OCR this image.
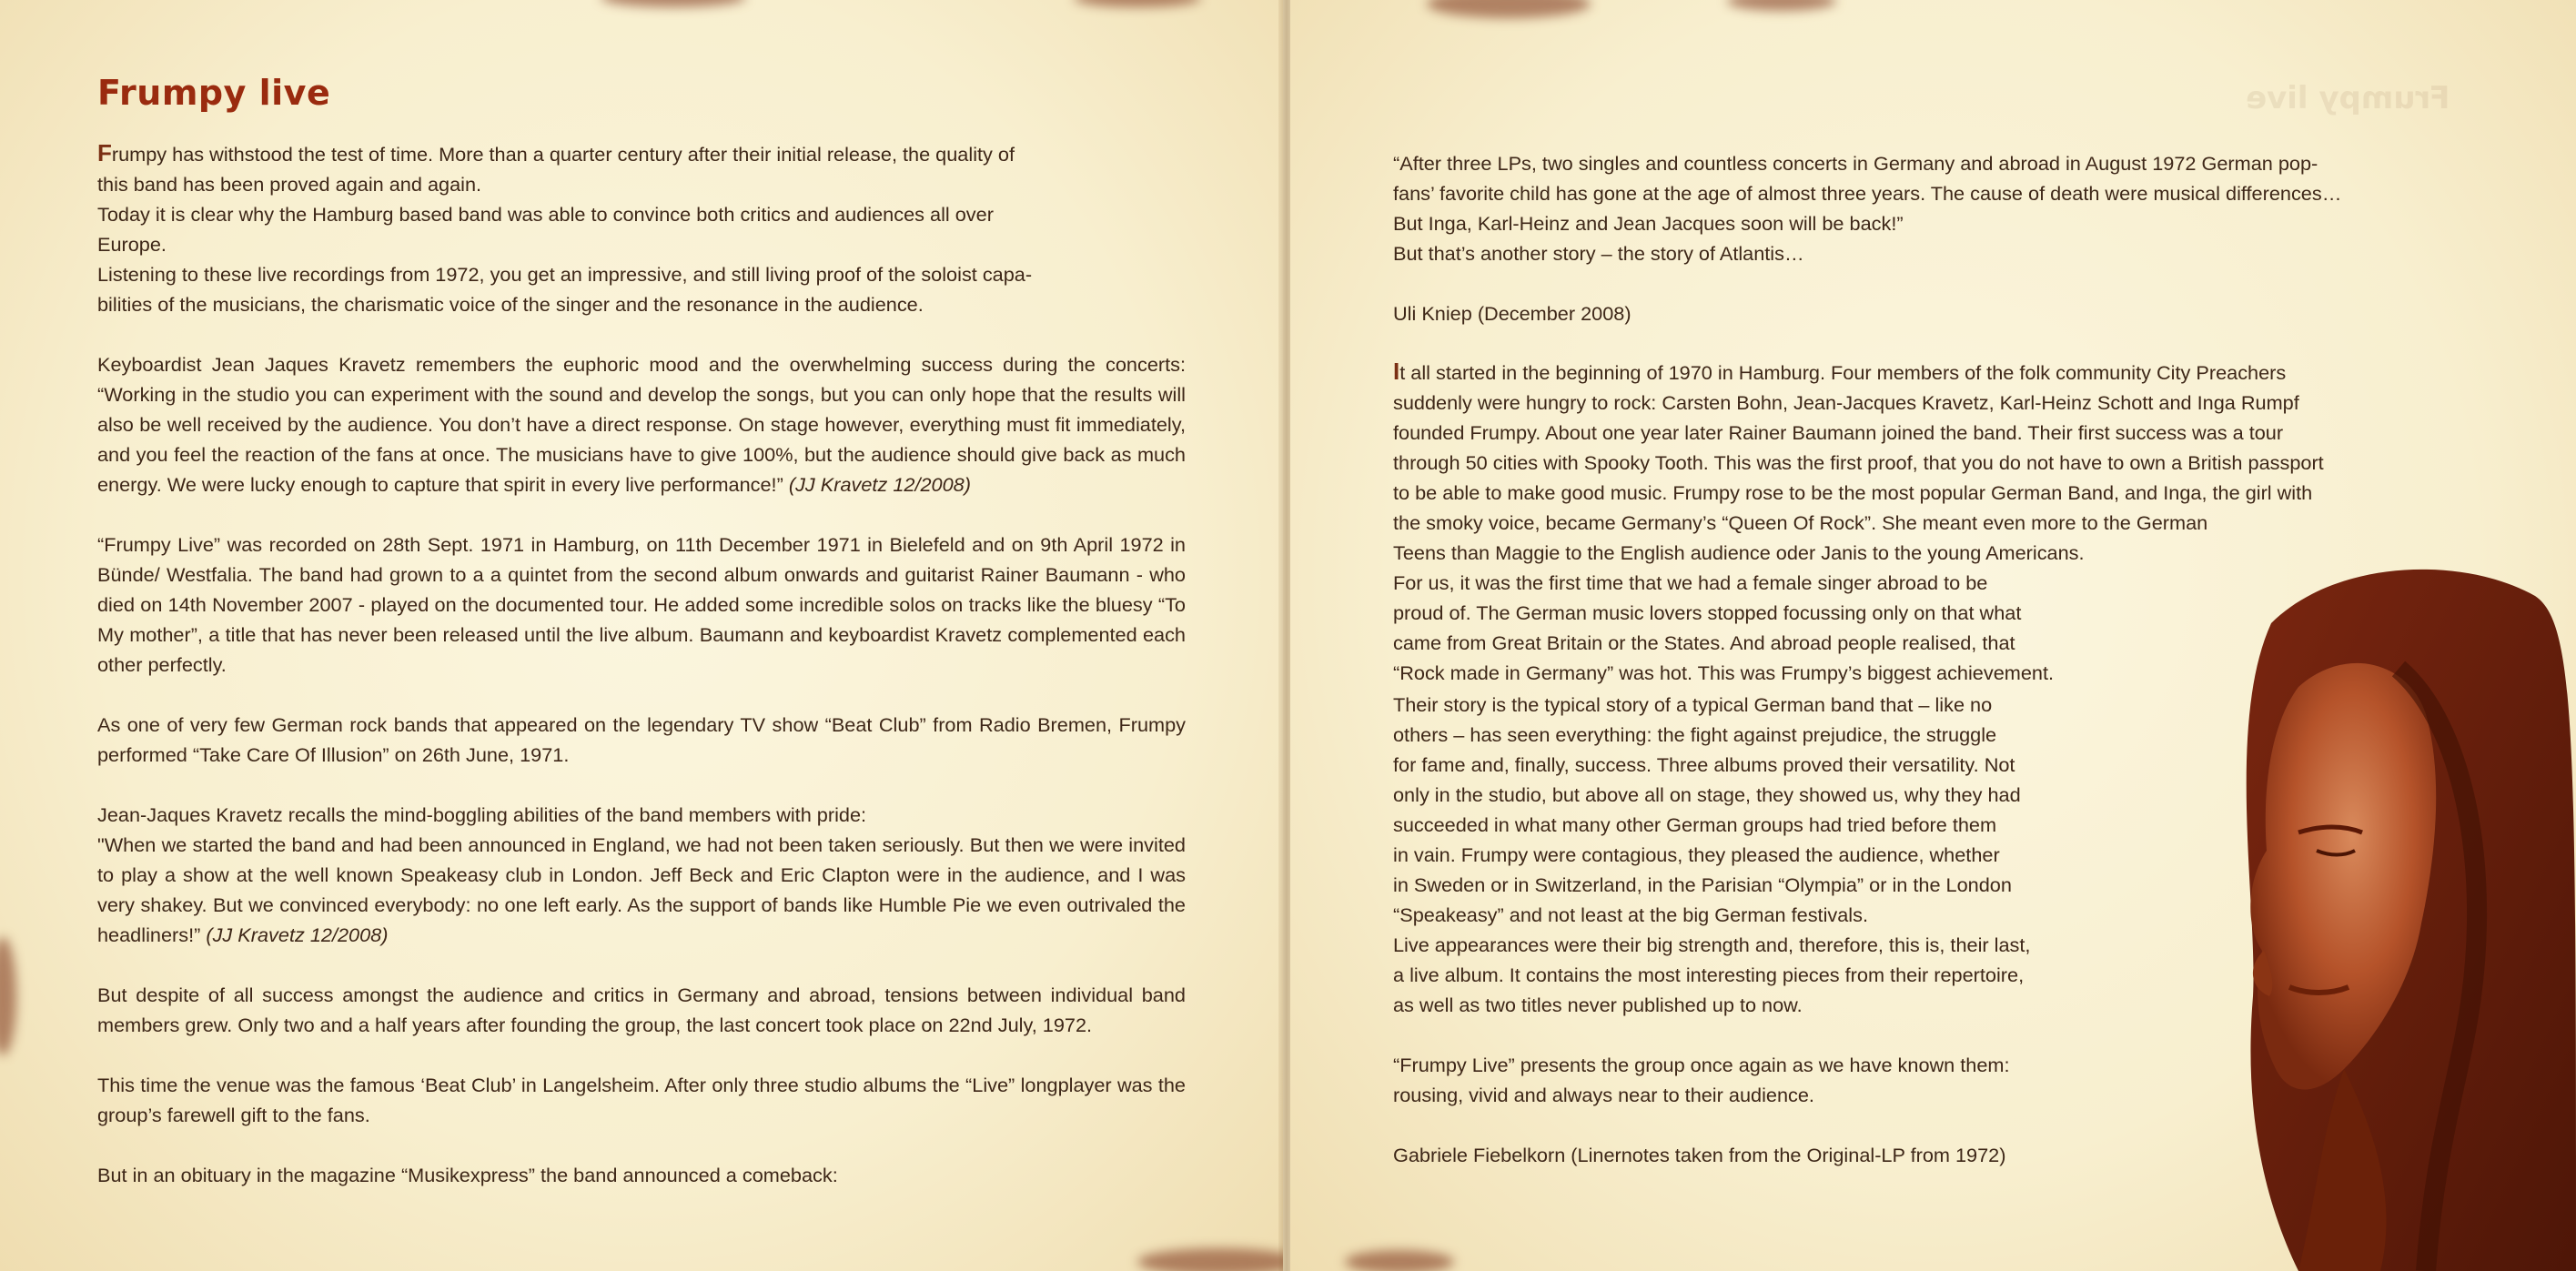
Frumpy live

Frumpy has withstood the test of time. More than a quarter century after their initial release, the quality of
this band has been proved again and again.
Today it is clear why the Hamburg based band was able to convince both critics and audiences all over
Europe.
Listening to these live recordings from 1972, you get an impressive, and still living proof of the soloist capa-
bilities of the musicians, the charismatic voice of the singer and the resonance in the audience.

Keyboardist Jean Jaques Kravetz remembers the euphoric mood and the overwhelming success during the concerts: “Working in the studio you can experiment with the sound and develop the songs, but you can only hope that the results will also be well received by the audience. You don’t have a direct response. On stage however, everything must fit immediately, and you feel the reaction of the fans at once. The musicians have to give 100%, but the audience should give back as much energy. We were lucky enough to capture that spirit in every live performance!” (JJ Kravetz 12/2008)

“Frumpy Live” was recorded on 28th Sept. 1971 in Hamburg, on 11th December 1971 in Bielefeld and on 9th April 1972 in Bünde/ Westfalia. The band had grown to a a quintet from the second album onwards and guitarist Rainer Baumann - who died on 14th November 2007 - played on the documented tour. He added some incredible solos on tracks like the bluesy “To My mother”, a title that has never been released until the live album. Baumann and keyboardist Kravetz complemented each other perfectly.

As one of very few German rock bands that appeared on the legendary TV show “Beat Club” from Radio Bremen, Frumpy performed “Take Care Of Illusion” on 26th June, 1971.

Jean-Jaques Kravetz recalls the mind-boggling abilities of the band members with pride:
"When we started the band and had been announced in England, we had not been taken seriously. But then we were invited to play a show at the well known Speakeasy club in London. Jeff Beck and Eric Clapton were in the audience, and I was very shakey. But we convinced everybody: no one left early. As the support of bands like Humble Pie we even outrivaled the headliners!” (JJ Kravetz 12/2008)

But despite of all success amongst the audience and critics in Germany and abroad, tensions between individual band members grew. Only two and a half years after founding the group, the last concert took place on 22nd July, 1972.

This time the venue was the famous ‘Beat Club’ in Langelsheim. After only three studio albums the “Live” longplayer was the group’s farewell gift to the fans.

But in an obituary in the magazine “Musikexpress” the band announced a comeback:

Frumpy live
“After three LPs, two singles and countless concerts in Germany and abroad in August 1972 German pop-
fans’ favorite child has gone at the age of almost three years. The cause of death were musical differences…
But Inga, Karl-Heinz and Jean Jacques soon will be back!”
But that’s another story – the story of Atlantis…
Uli Kniep (December 2008)
It all started in the beginning of 1970 in Hamburg. Four members of the folk community City Preachers
suddenly were hungry to rock: Carsten Bohn, Jean-Jacques Kravetz, Karl-Heinz Schott and Inga Rumpf
founded Frumpy. About one year later Rainer Baumann joined the band. Their first success was a tour
through 50 cities with Spooky Tooth. This was the first proof, that you do not have to own a British passport
to be able to make good music. Frumpy rose to be the most popular German Band, and Inga, the girl with
the smoky voice, became Germany’s “Queen Of Rock”. She meant even more to the German
Teens than Maggie to the English audience oder Janis to the young Americans.
For us, it was the first time that we had a female singer abroad to be
proud of. The German music lovers stopped focussing only on that what
came from Great Britain or the States. And abroad people realised, that
“Rock made in Germany” was hot. This was Frumpy’s biggest achievement.

Their story is the typical story of a typical German band that – like no
others – has seen everything: the fight against prejudice, the struggle
for fame and, finally, success. Three albums proved their versatility. Not
only in the studio, but above all on stage, they showed us, why they had
succeeded in what many other German groups had tried before them
in vain. Frumpy were contagious, they pleased the audience, whether
in Sweden or in Switzerland, in the Parisian “Olympia” or in the London
“Speakeasy” and not least at the big German festivals.
Live appearances were their big strength and, therefore, this is, their last,
a live album. It contains the most interesting pieces from their repertoire,
as well as two titles never published up to now.

“Frumpy Live” presents the group once again as we have known them:
rousing, vivid and always near to their audience.

Gabriele Fiebelkorn (Linernotes taken from the Original-LP from 1972)
